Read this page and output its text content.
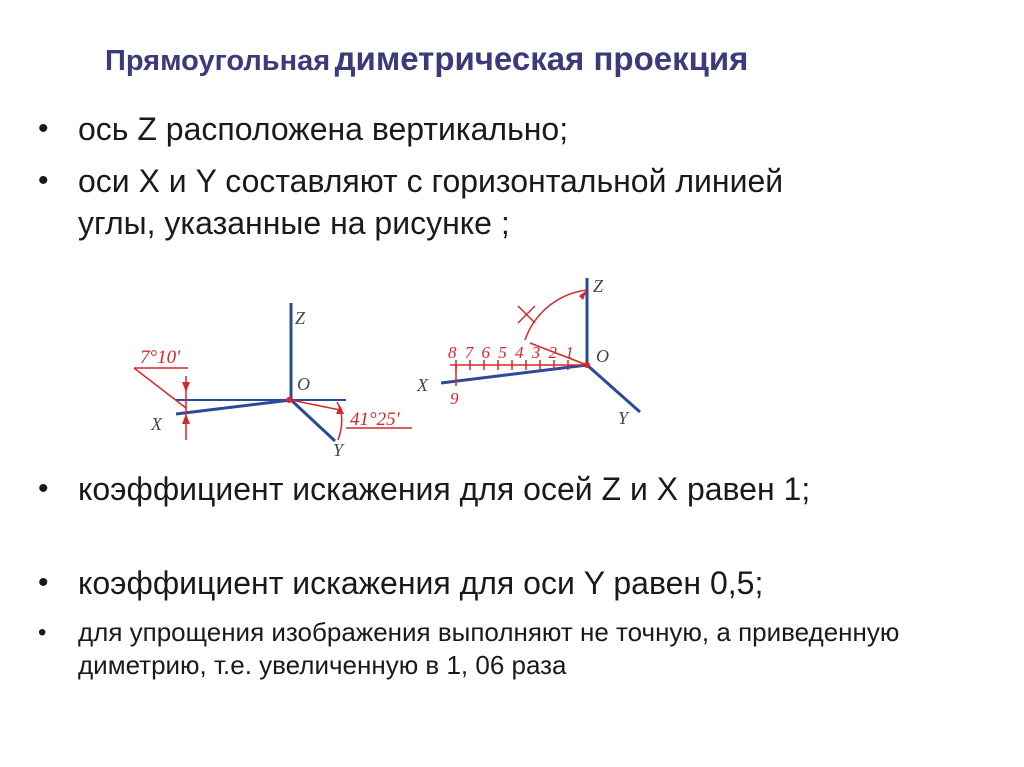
Прямоугольная диметрическая проекция
• ось Z расположена вертикально;
• оси X и Y составляют с горизонтальной линией углы, указанные на рисунке ;
Z
O
X
Y
7°10′
41°25′
Z
O
X
Y
8 7 6 5 4 3 2 1
9
• коэффициент искажения для осей Z и X равен 1;
• коэффициент искажения для оси Y равен 0,5;
• для упрощения изображения выполняют не точную, а приведенную диметрию, т.е. увеличенную в 1, 06 раза
